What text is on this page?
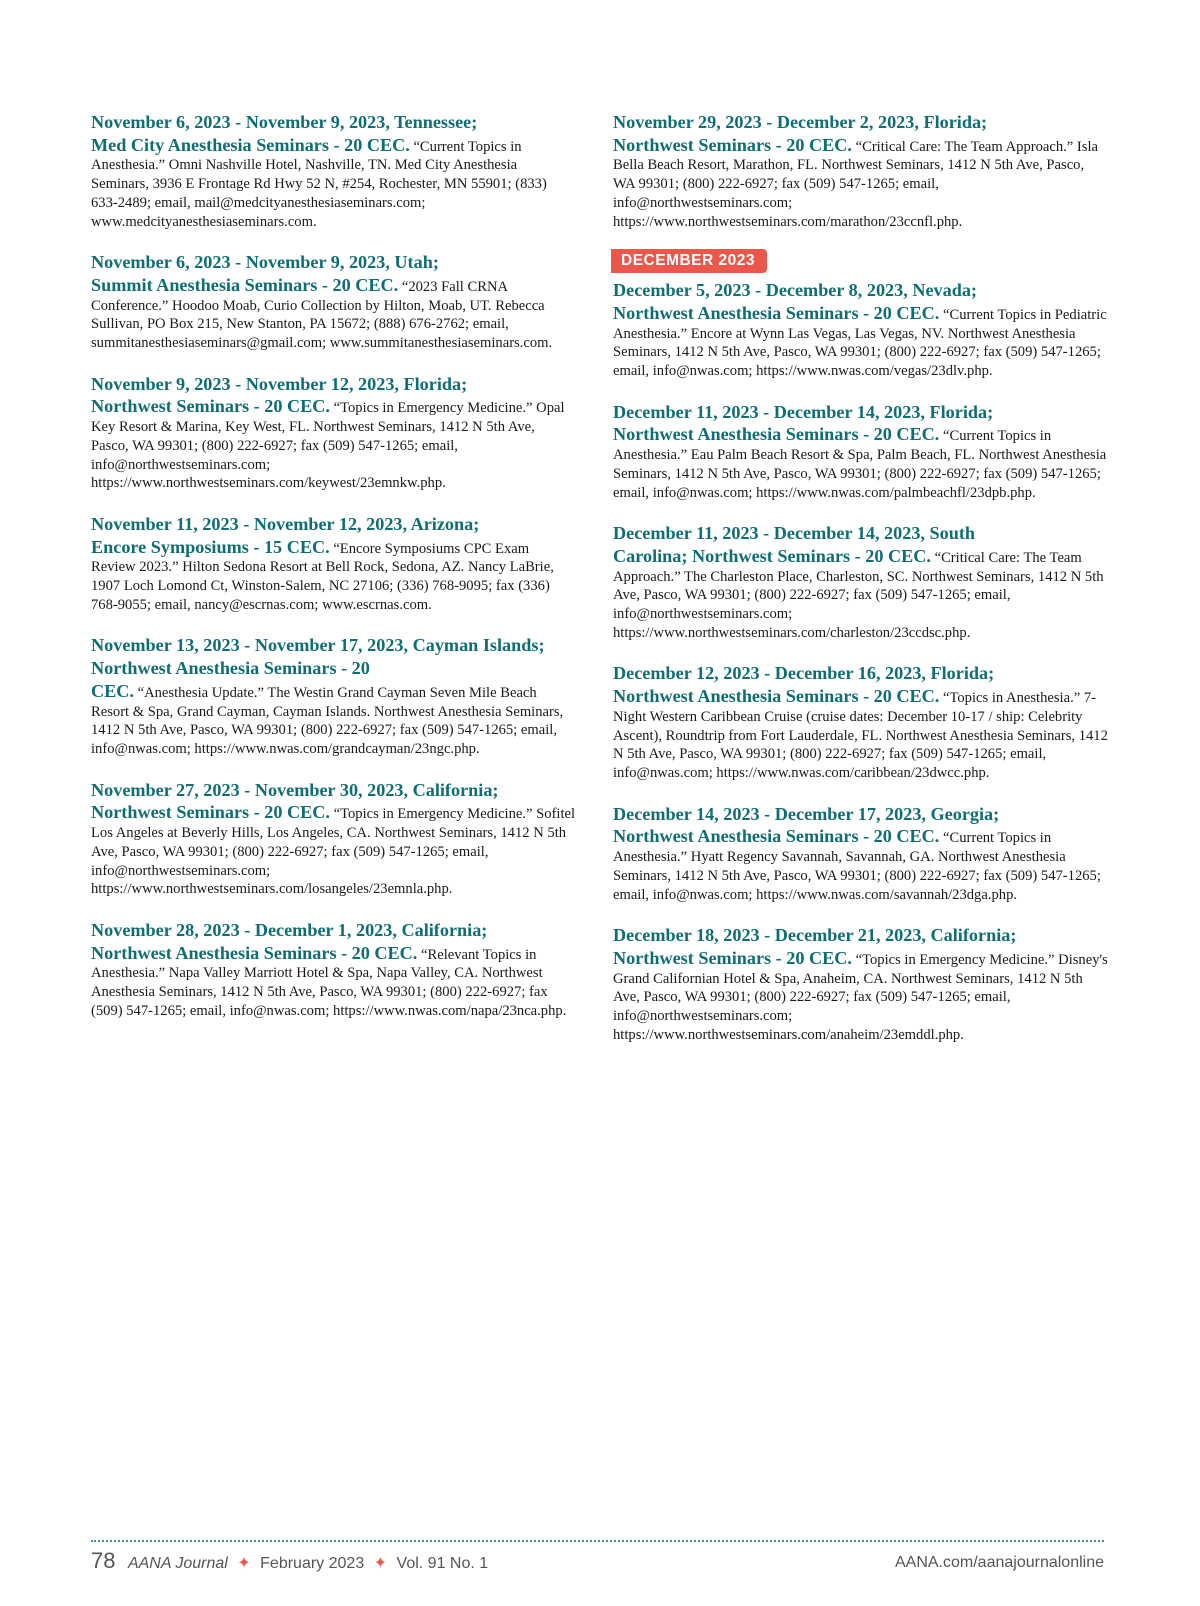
November 6, 2023 - November 9, 2023, Tennessee;
Med City Anesthesia Seminars - 20 CEC. “Current Topics in Anesthesia.” Omni Nashville Hotel, Nashville, TN. Med City Anesthesia Seminars, 3936 E Frontage Rd Hwy 52 N, #254, Rochester, MN 55901; (833) 633-2489; email, mail@medcityanesthesiaseminars.com; www.medcityanesthesiaseminars.com.
November 6, 2023 - November 9, 2023, Utah;
Summit Anesthesia Seminars - 20 CEC. “2023 Fall CRNA Conference.” Hoodoo Moab, Curio Collection by Hilton, Moab, UT. Rebecca Sullivan, PO Box 215, New Stanton, PA 15672; (888) 676-2762; email, summitanesthesiaseminars@gmail.com; www.summitanesthesiaseminars.com.
November 9, 2023 - November 12, 2023, Florida;
Northwest Seminars - 20 CEC. “Topics in Emergency Medicine.” Opal Key Resort & Marina, Key West, FL. Northwest Seminars, 1412 N 5th Ave, Pasco, WA 99301; (800) 222-6927; fax (509) 547-1265; email, info@northwestseminars.com; https://www.northwestseminars.com/keywest/23emnkw.php.
November 11, 2023 - November 12, 2023, Arizona;
Encore Symposiums - 15 CEC. “Encore Symposiums CPC Exam Review 2023.” Hilton Sedona Resort at Bell Rock, Sedona, AZ. Nancy LaBrie, 1907 Loch Lomond Ct, Winston-Salem, NC 27106; (336) 768-9095; fax (336) 768-9055; email, nancy@escrnas.com; www.escrnas.com.
November 13, 2023 - November 17, 2023, Cayman Islands; Northwest Anesthesia Seminars - 20
CEC. “Anesthesia Update.” The Westin Grand Cayman Seven Mile Beach Resort & Spa, Grand Cayman, Cayman Islands. Northwest Anesthesia Seminars, 1412 N 5th Ave, Pasco, WA 99301; (800) 222-6927; fax (509) 547-1265; email, info@nwas.com; https://www.nwas.com/grandcayman/23ngc.php.
November 27, 2023 - November 30, 2023, California;
Northwest Seminars - 20 CEC. “Topics in Emergency Medicine.” Sofitel Los Angeles at Beverly Hills, Los Angeles, CA. Northwest Seminars, 1412 N 5th Ave, Pasco, WA 99301; (800) 222-6927; fax (509) 547-1265; email, info@northwestseminars.com; https://www.northwestseminars.com/losangeles/23emnla.php.
November 28, 2023 - December 1, 2023, California;
Northwest Anesthesia Seminars - 20 CEC. “Relevant Topics in Anesthesia.” Napa Valley Marriott Hotel & Spa, Napa Valley, CA. Northwest Anesthesia Seminars, 1412 N 5th Ave, Pasco, WA 99301; (800) 222-6927; fax (509) 547-1265; email, info@nwas.com; https://www.nwas.com/napa/23nca.php.
November 29, 2023 - December 2, 2023, Florida;
Northwest Seminars - 20 CEC. “Critical Care: The Team Approach.” Isla Bella Beach Resort, Marathon, FL. Northwest Seminars, 1412 N 5th Ave, Pasco, WA 99301; (800) 222-6927; fax (509) 547-1265; email, info@northwestseminars.com; https://www.northwestseminars.com/marathon/23ccnfl.php.
DECEMBER 2023
December 5, 2023 - December 8, 2023, Nevada;
Northwest Anesthesia Seminars - 20 CEC. “Current Topics in Pediatric Anesthesia.” Encore at Wynn Las Vegas, Las Vegas, NV. Northwest Anesthesia Seminars, 1412 N 5th Ave, Pasco, WA 99301; (800) 222-6927; fax (509) 547-1265; email, info@nwas.com; https://www.nwas.com/vegas/23dlv.php.
December 11, 2023 - December 14, 2023, Florida;
Northwest Anesthesia Seminars - 20 CEC. “Current Topics in Anesthesia.” Eau Palm Beach Resort & Spa, Palm Beach, FL. Northwest Anesthesia Seminars, 1412 N 5th Ave, Pasco, WA 99301; (800) 222-6927; fax (509) 547-1265; email, info@nwas.com; https://www.nwas.com/palmbeachfl/23dpb.php.
December 11, 2023 - December 14, 2023, South
Carolina; Northwest Seminars - 20 CEC. “Critical Care: The Team Approach.” The Charleston Place, Charleston, SC. Northwest Seminars, 1412 N 5th Ave, Pasco, WA 99301; (800) 222-6927; fax (509) 547-1265; email, info@northwestseminars.com; https://www.northwestseminars.com/charleston/23ccdsc.php.
December 12, 2023 - December 16, 2023, Florida;
Northwest Anesthesia Seminars - 20 CEC. “Topics in Anesthesia.” 7-Night Western Caribbean Cruise (cruise dates: December 10-17 / ship: Celebrity Ascent), Roundtrip from Fort Lauderdale, FL. Northwest Anesthesia Seminars, 1412 N 5th Ave, Pasco, WA 99301; (800) 222-6927; fax (509) 547-1265; email, info@nwas.com; https://www.nwas.com/caribbean/23dwcc.php.
December 14, 2023 - December 17, 2023, Georgia;
Northwest Anesthesia Seminars - 20 CEC. “Current Topics in Anesthesia.” Hyatt Regency Savannah, Savannah, GA. Northwest Anesthesia Seminars, 1412 N 5th Ave, Pasco, WA 99301; (800) 222-6927; fax (509) 547-1265; email, info@nwas.com; https://www.nwas.com/savannah/23dga.php.
December 18, 2023 - December 21, 2023, California;
Northwest Seminars - 20 CEC. “Topics in Emergency Medicine.” Disney's Grand Californian Hotel & Spa, Anaheim, CA. Northwest Seminars, 1412 N 5th Ave, Pasco, WA 99301; (800) 222-6927; fax (509) 547-1265; email, info@northwestseminars.com; https://www.northwestseminars.com/anaheim/23emddl.php.
78 AANA Journal ✦ February 2023 ✦ Vol. 91 No. 1	AANA.com/aanajournalonline
